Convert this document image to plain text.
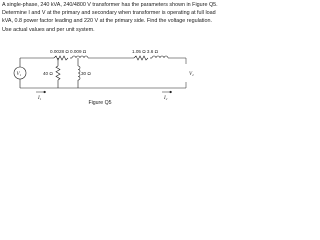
A single-phase, 240 kVA, 240/4800 V transformer has the parameters shown in Figure Q5.
Determine I and V at the primary and secondary when transformer is operating at full load
kVA, 0.8 power factor leading and 220 V at the primary side. Find the voltage regulation.
Use actual values and per unit system.
0.0028 Ω 0.009 Ω	1.05 Ω 3.6 Ω
40 Ω	30 Ω
V₁	V₂
I₁	I₂
Figure Q5
